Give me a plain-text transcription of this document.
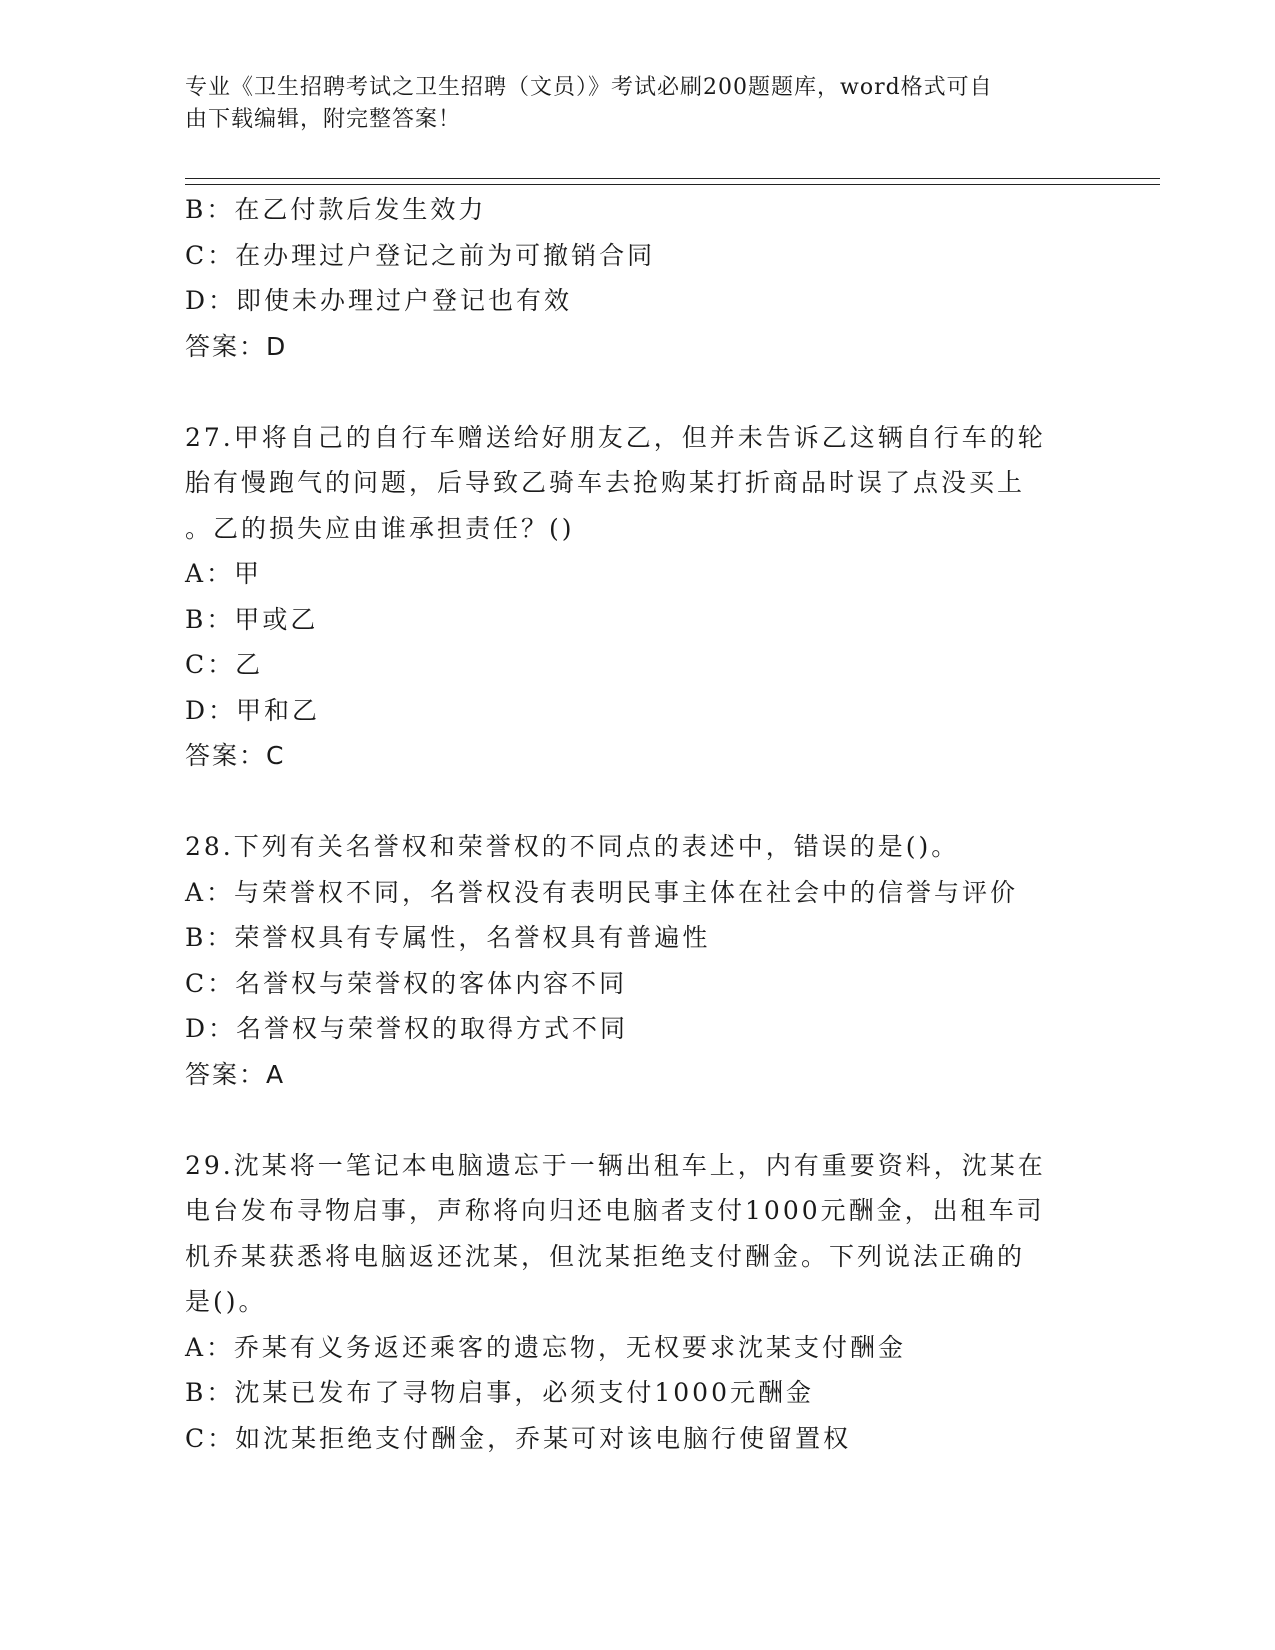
专业《卫生招聘考试之卫生招聘（文员）》考试必刷200题题库，word格式可自
由下载编辑，附完整答案！
B：在乙付款后发生效力
C：在办理过户登记之前为可撤销合同
D：即使未办理过户登记也有效
答案：D
27.甲将自己的自行车赠送给好朋友乙，但并未告诉乙这辆自行车的轮
胎有慢跑气的问题，后导致乙骑车去抢购某打折商品时误了点没买上
。乙的损失应由谁承担责任？()
A：甲
B：甲或乙
C：乙
D：甲和乙
答案：C
28.下列有关名誉权和荣誉权的不同点的表述中，错误的是()。
A：与荣誉权不同，名誉权没有表明民事主体在社会中的信誉与评价
B：荣誉权具有专属性，名誉权具有普遍性
C：名誉权与荣誉权的客体内容不同
D：名誉权与荣誉权的取得方式不同
答案：A
29.沈某将一笔记本电脑遗忘于一辆出租车上，内有重要资料，沈某在
电台发布寻物启事，声称将向归还电脑者支付1000元酬金，出租车司
机乔某获悉将电脑返还沈某，但沈某拒绝支付酬金。下列说法正确的
是()。
A：乔某有义务返还乘客的遗忘物，无权要求沈某支付酬金
B：沈某已发布了寻物启事，必须支付1000元酬金
C：如沈某拒绝支付酬金，乔某可对该电脑行使留置权
